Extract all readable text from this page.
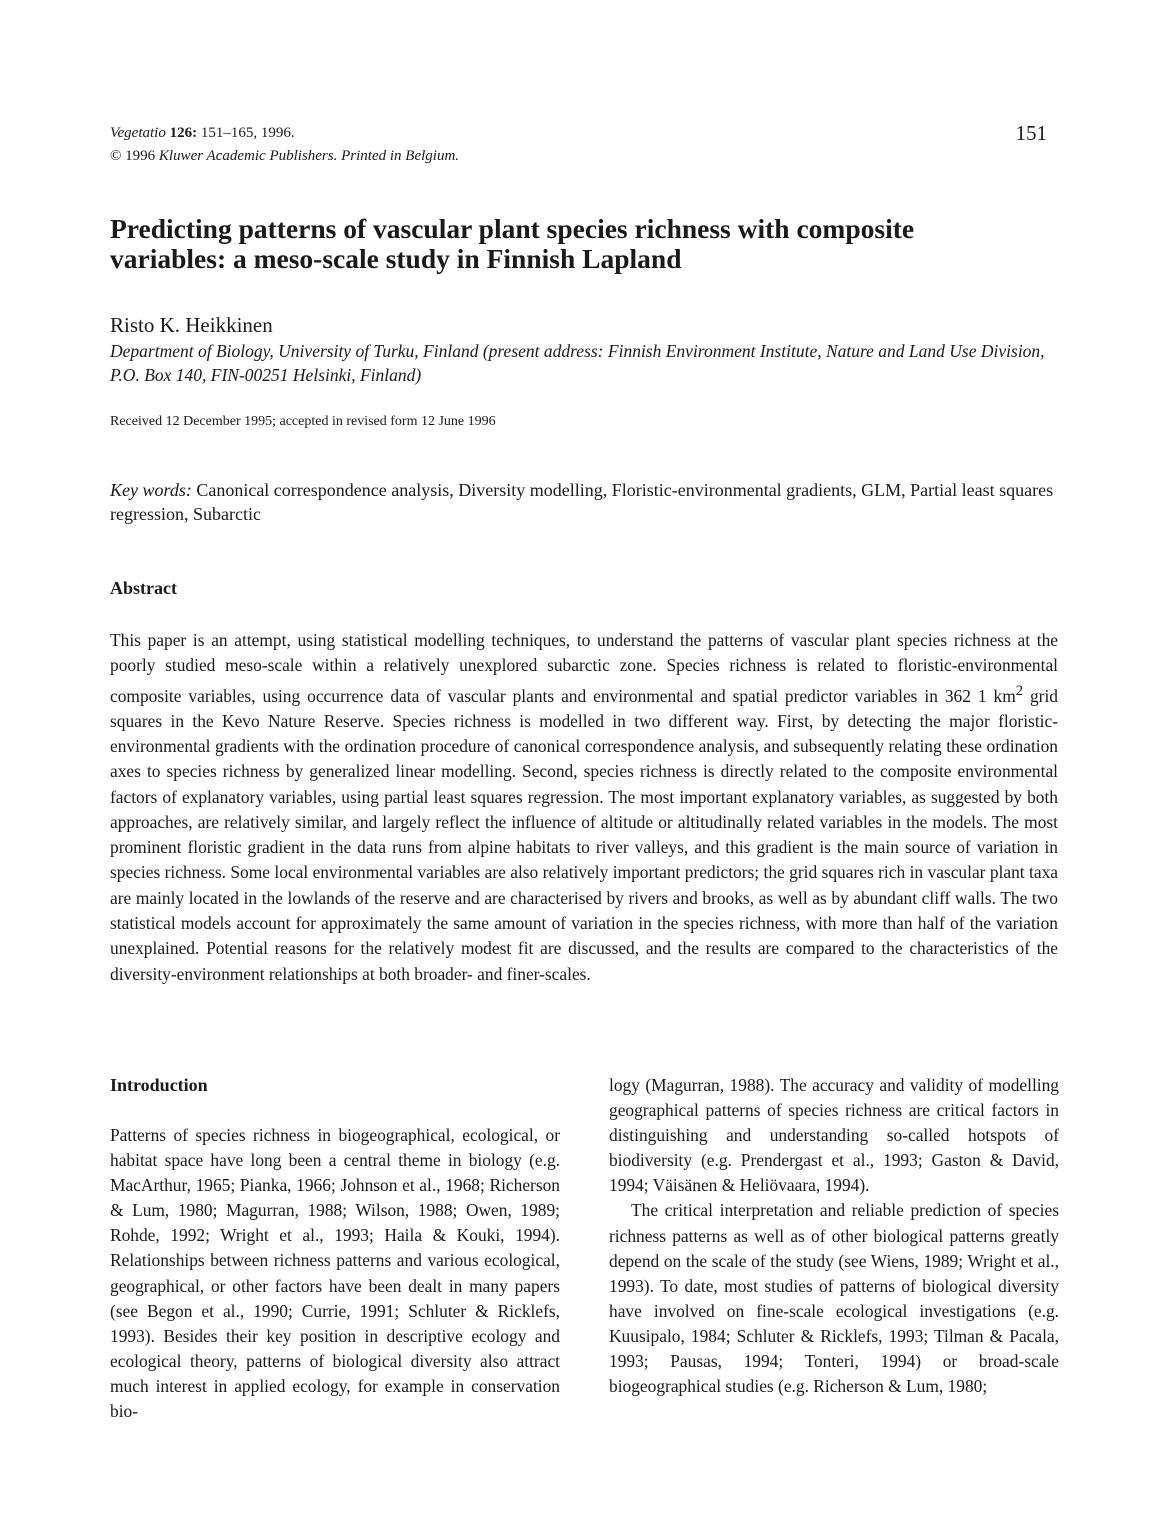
Vegetatio 126: 151–165, 1996.
© 1996 Kluwer Academic Publishers. Printed in Belgium.
151
Predicting patterns of vascular plant species richness with composite variables: a meso-scale study in Finnish Lapland
Risto K. Heikkinen
Department of Biology, University of Turku, Finland (present address: Finnish Environment Institute, Nature and Land Use Division, P.O. Box 140, FIN-00251 Helsinki, Finland)
Received 12 December 1995; accepted in revised form 12 June 1996
Key words: Canonical correspondence analysis, Diversity modelling, Floristic-environmental gradients, GLM, Partial least squares regression, Subarctic
Abstract

This paper is an attempt, using statistical modelling techniques, to understand the patterns of vascular plant species richness at the poorly studied meso-scale within a relatively unexplored subarctic zone. Species richness is related to floristic-environmental composite variables, using occurrence data of vascular plants and environmental and spatial predictor variables in 362 1 $km^2$ grid squares in the Kevo Nature Reserve. Species richness is modelled in two different way. First, by detecting the major floristic-environmental gradients with the ordination procedure of canonical correspondence analysis, and subsequently relating these ordination axes to species richness by generalized linear modelling. Second, species richness is directly related to the composite environmental factors of explanatory variables, using partial least squares regression. The most important explanatory variables, as suggested by both approaches, are relatively similar, and largely reflect the influence of altitude or altitudinally related variables in the models. The most prominent floristic gradient in the data runs from alpine habitats to river valleys, and this gradient is the main source of variation in species richness. Some local environmental variables are also relatively important predictors; the grid squares rich in vascular plant taxa are mainly located in the lowlands of the reserve and are characterised by rivers and brooks, as well as by abundant cliff walls. The two statistical models account for approximately the same amount of variation in the species richness, with more than half of the variation unexplained. Potential reasons for the relatively modest fit are discussed, and the results are compared to the characteristics of the diversity-environment relationships at both broader- and finer-scales.

Introduction

Patterns of species richness in biogeographical, ecological, or habitat space have long been a central theme in biology (e.g. MacArthur, 1965; Pianka, 1966; Johnson et al., 1968; Richerson & Lum, 1980; Magurran, 1988; Wilson, 1988; Owen, 1989; Rohde, 1992; Wright et al., 1993; Haila & Kouki, 1994). Relationships between richness patterns and various ecological, geographical, or other factors have been dealt in many papers (see Begon et al., 1990; Currie, 1991; Schluter & Ricklefs, 1993). Besides their key position in descriptive ecology and ecological theory, patterns of biological diversity also attract much interest in applied ecology, for example in conservation bio-

logy (Magurran, 1988). The accuracy and validity of modelling geographical patterns of species richness are critical factors in distinguishing and understanding so-called hotspots of biodiversity (e.g. Prendergast et al., 1993; Gaston & David, 1994; Väisänen & Heliövaara, 1994).

The critical interpretation and reliable prediction of species richness patterns as well as of other biological patterns greatly depend on the scale of the study (see Wiens, 1989; Wright et al., 1993). To date, most studies of patterns of biological diversity have involved on fine-scale ecological investigations (e.g. Kuusipalo, 1984; Schluter & Ricklefs, 1993; Tilman & Pacala, 1993; Pausas, 1994; Tonteri, 1994) or broad-scale biogeographical studies (e.g. Richerson & Lum, 1980;
